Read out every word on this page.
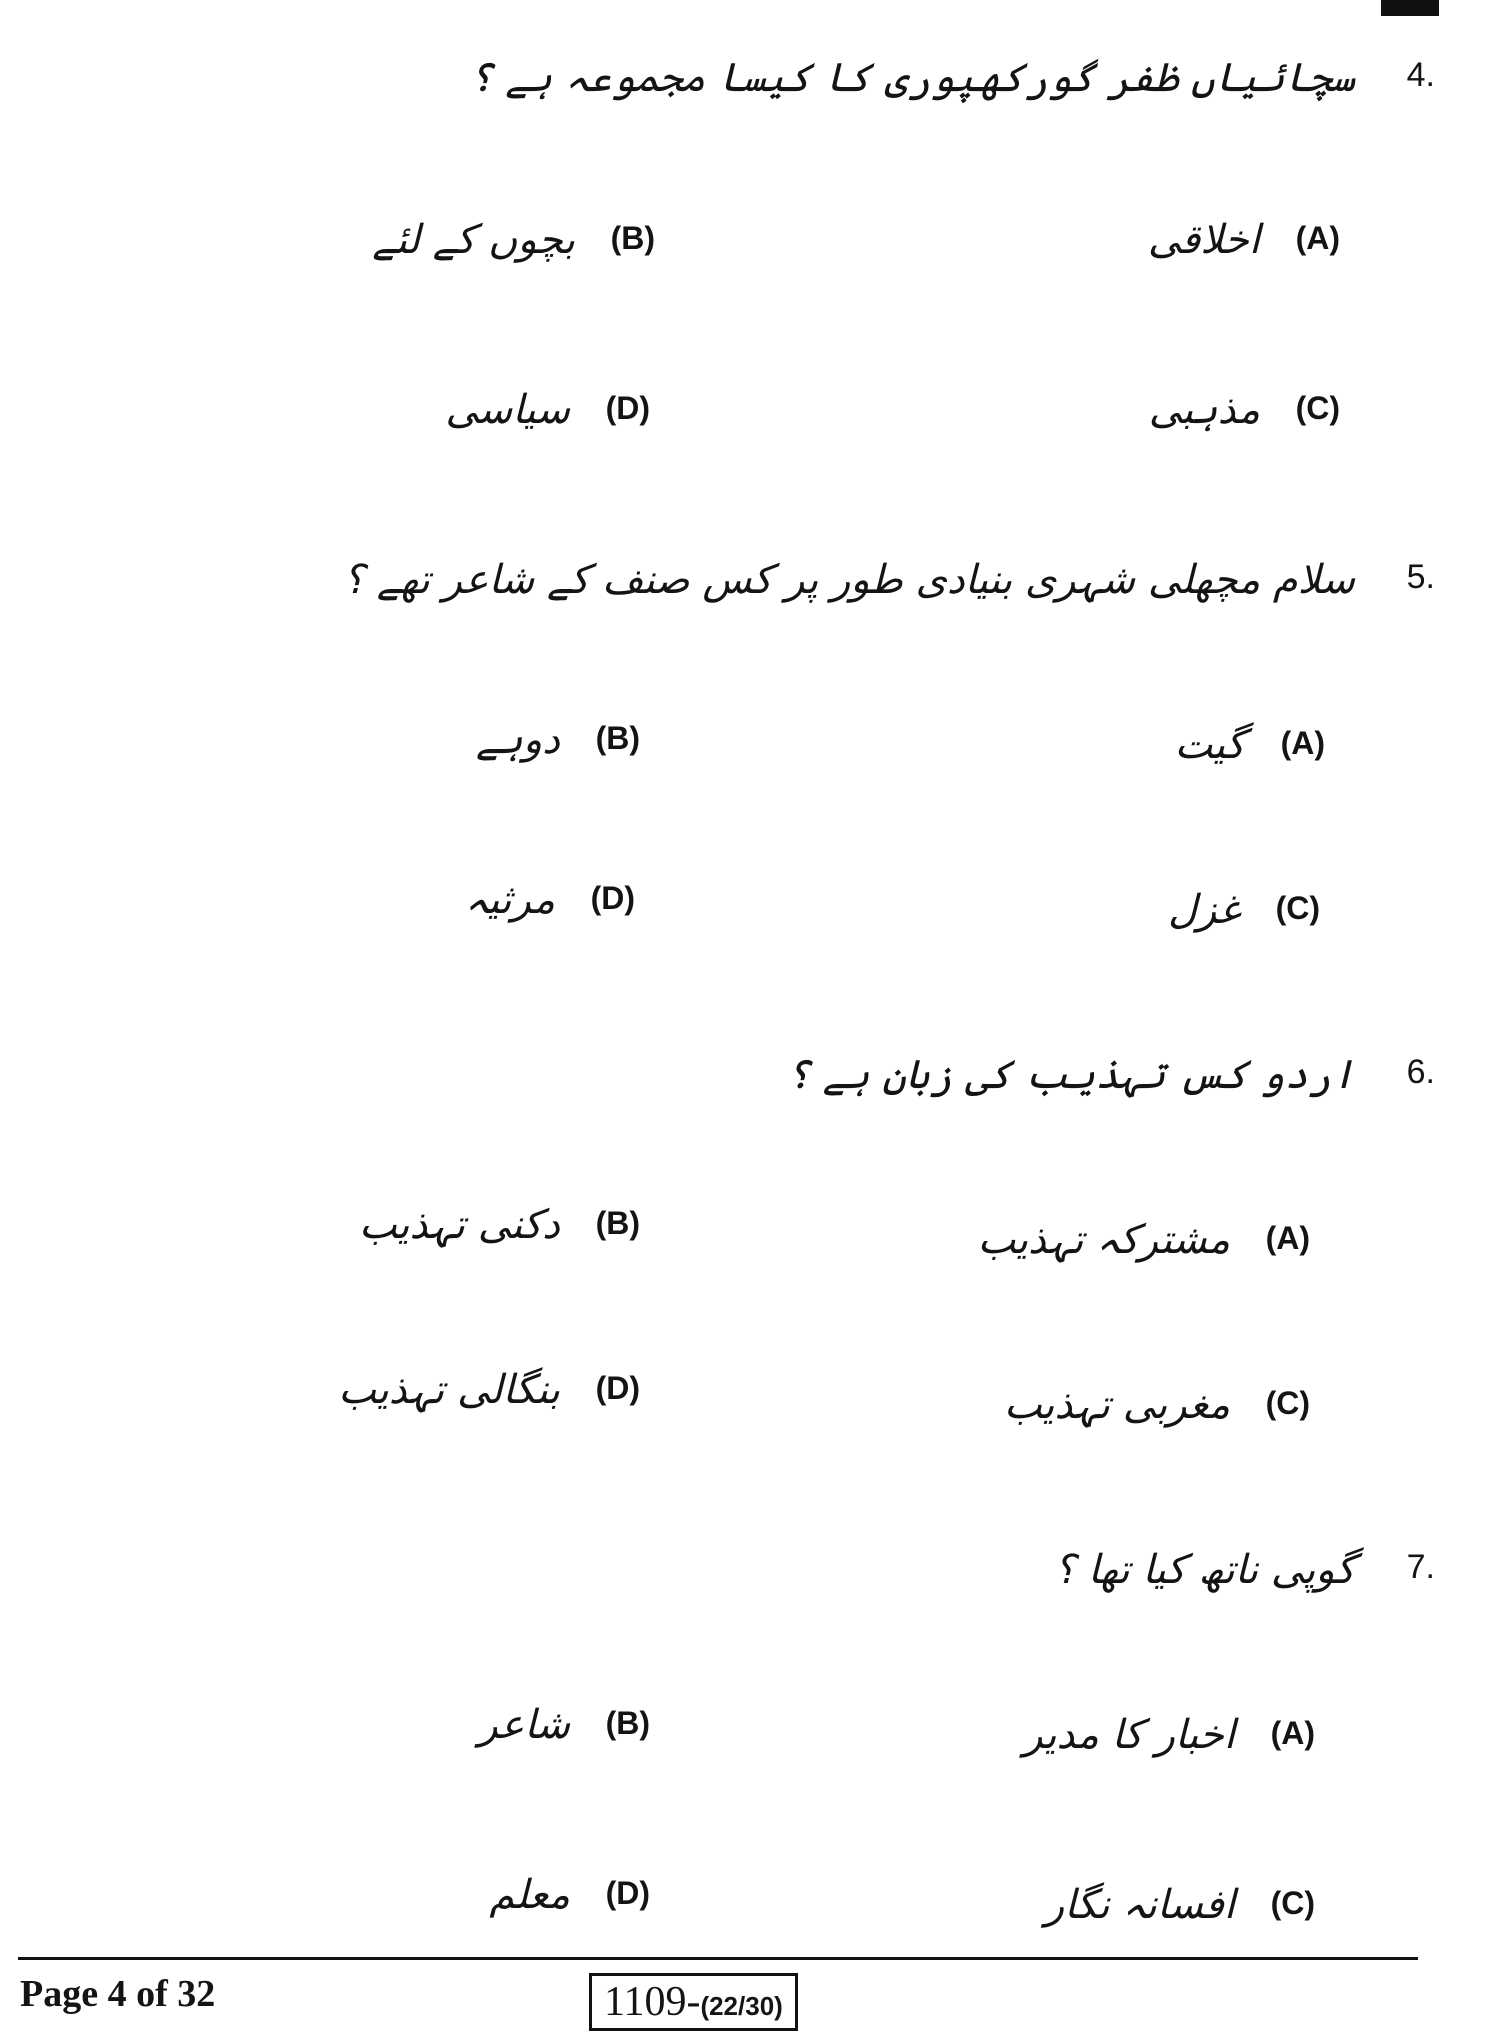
4.
سچائیاں ظفر گورکھپوری کا کیسا مجموعہ ہے ؟
(A)
اخلاقی
(B)
بچوں کے لئے
(C)
مذہبی
(D)
سیاسی
5.
سلام مچھلی شہری بنیادی طور پر کس صنف کے شاعر تھے ؟
(A)
گیت
(B)
دوہے
(C)
غزل
(D)
مرثیہ
6.
اردو کس تہذیب کی زبان ہے ؟
(A)
مشترکہ تہذیب
(B)
دکنی تہذیب
(C)
مغربی تہذیب
(D)
بنگالی تہذیب
7.
گوپی ناتھ کیا تھا ؟
(A)
اخبار کا مدیر
(B)
شاعر
(C)
افسانہ نگار
(D)
معلم
Page 4 of 32	1109-(22/30)
